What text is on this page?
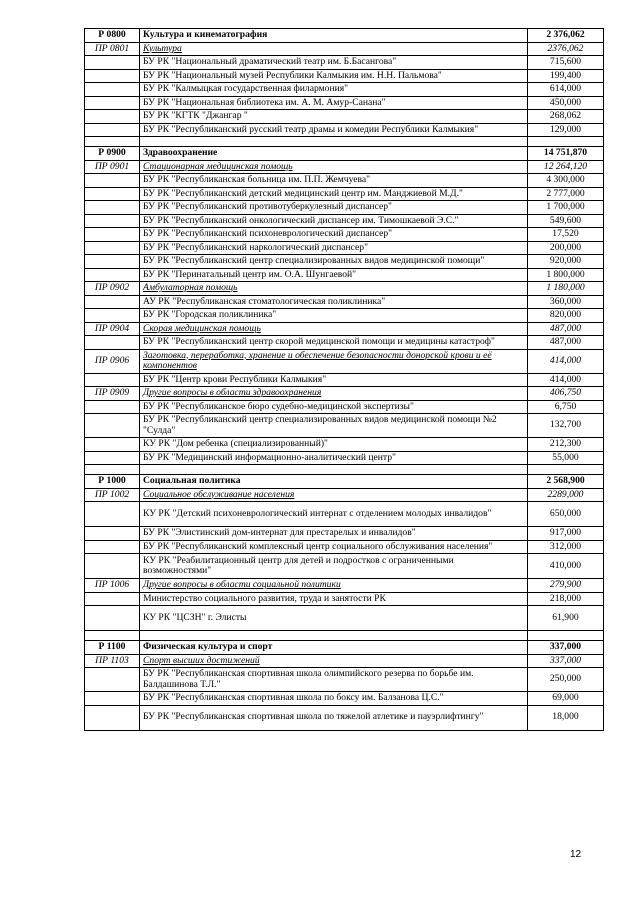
Р 0800	Культура и кинематография	2 376,062
ПР 0801	Культура	2376,062
	БУ РК "Национальный драматический театр им. Б.Басангова"	715,600
	БУ РК "Национальный музей Республики Калмыкия им. Н.Н. Пальмова"	199,400
	БУ РК "Калмыцкая государственная филармония"	614,000
	БУ РК "Национальная библиотека им. А. М. Амур-Санана"	450,000
	БУ РК "КГТК "Джангар "	268,062
	БУ РК "Республиканский русский театр драмы и комедии Республики Калмыкия"	129,000

Р 0900	Здравоохранение	14 751,870
ПР 0901	Стационарная медицинская помощь	12 264,120
	БУ РК "Республиканская больница им. П.П. Жемчуева"	4 300,000
	БУ РК "Республиканский детский медицинский центр им. Манджиевой М.Д."	2 777,000
	БУ РК "Республиканский противотуберкулезный диспансер"	1 700,000
	БУ РК "Республиканский онкологический диспансер им. Тимошкаевой Э.С."	549,600
	БУ РК "Республиканский психоневрологический диспансер"	17,520
	БУ РК "Республиканский наркологический диспансер"	200,000
	БУ РК "Республиканский центр специализированных видов медицинской помощи"	920,000
	БУ РК "Перинатальный центр им. О.А. Шунгаевой"	1 800,000
ПР 0902	Амбулаторная помощь	1 180,000
	АУ РК "Республиканская стоматологическая поликлиника"	360,000
	БУ РК "Городская поликлиника"	820,000
ПР 0904	Скорая медицинская помощь	487,000
	БУ РК "Республиканский центр скорой медицинской помощи и медицины катастроф"	487,000
ПР 0906	Заготовка, переработка, хранение и обеспечение безопасности донорской крови и её компонентов	414,000
	БУ РК "Центр крови Республики Калмыкия"	414,000
ПР 0909	Другие вопросы в области здравоохранения	406,750
	БУ РК "Республиканское бюро судебно-медицинской экспертизы"	6,750
	БУ РК "Республиканский центр специализированных видов медицинской помощи №2 "Сулда"	132,700
	КУ РК "Дом ребенка (специализированный)"	212,300
	БУ РК "Медицинский информационно-аналитический центр"	55,000

Р 1000	Социальная политика	2 568,900
ПР 1002	Социальное обслуживание населения	2289,000
	КУ РК "Детский психоневрологический интернат с отделением молодых инвалидов"	650,000
	БУ РК "Элистинский дом-интернат для престарелых и инвалидов"	917,000
	БУ РК "Республиканский комплексный центр социального обслуживания населения"	312,000
	КУ РК "Реабилитационный центр для детей и подростков с ограниченными возможностями"	410,000
ПР 1006	Другие вопросы в области социальной политики	279,900
	Министерство социального развития, труда и занятости РК	218,000
	КУ РК "ЦСЗН" г. Элисты	61,900

Р 1100	Физическая культура и спорт	337,000
ПР 1103	Спорт высших достижений	337,000
	БУ РК "Республиканская спортивная школа олимпийского резерва по борьбе им. Балдашинова Т.Л."	250,000
	БУ РК "Республиканская спортивная школа по боксу им. Балзанова Ц.С."	69,000
	БУ РК "Республиканская спортивная школа по тяжелой атлетике и пауэрлифтингу"	18,000
12
